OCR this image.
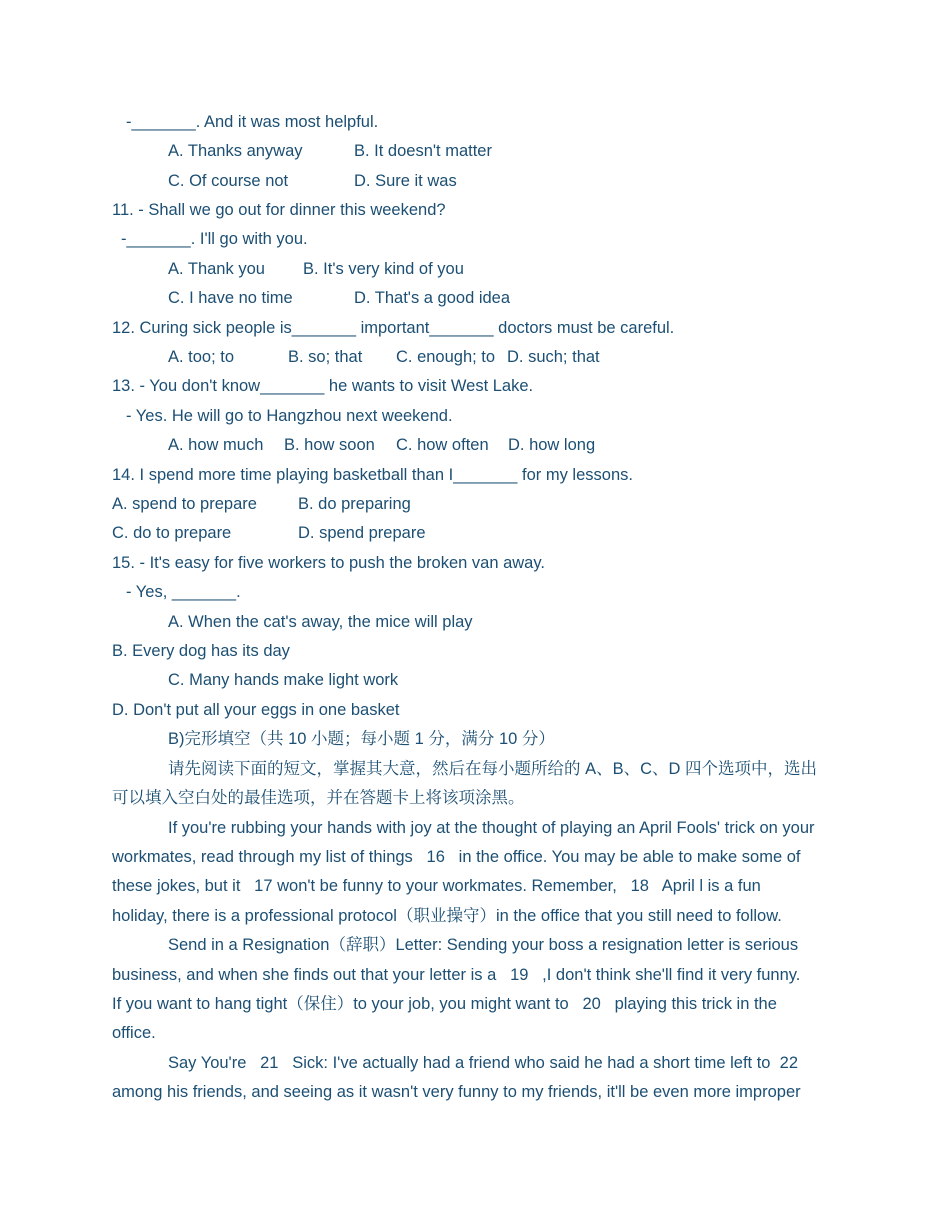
-_______. And it was most helpful.
A. Thanks anyway	B. It doesn't matter
C. Of course not	D. Sure it was
11. - Shall we go out for dinner this weekend?
-_______. I'll go with you.
A. Thank you B. It's very kind of you
C. I have no time	D. That's a good idea
12. Curing sick people is_______ important_______ doctors must be careful.
A. too; to	B. so; that C. enough; to D. such; that
13. - You don't know_______ he wants to visit West Lake.
- Yes. He will go to Hangzhou next weekend.
A. how much B. how soon C. how often D. how long
14. I spend more time playing basketball than I_______ for my lessons.
A. spend to prepare B. do preparing
C. do to prepare	D. spend prepare
15. - It's easy for five workers to push the broken van away.
- Yes, _______.
A. When the cat's away, the mice will play
B. Every dog has its day
C. Many hands make light work
D. Don't put all your eggs in one basket
B)完形填空（共 10 小题；每小题 1 分，满分 10 分）
请先阅读下面的短文，掌握其大意，然后在每小题所给的 A、B、C、D 四个选项中，选出
可以填入空白处的最佳选项，并在答题卡上将该项涂黑。
If you're rubbing your hands with joy at the thought of playing an April Fools' trick on your
workmates, read through my list of things   16   in the office. You may be able to make some of
these jokes, but it   17 won't be funny to your workmates. Remember,   18   April l is a fun
holiday, there is a professional protocol（职业操守）in the office that you still need to follow.
Send in a Resignation（辞职）Letter: Sending your boss a resignation letter is serious
business, and when she finds out that your letter is a   19   ,I don't think she'll find it very funny.
If you want to hang tight（保住）to your job, you might want to   20   playing this trick in the
office.
Say You're   21   Sick: I've actually had a friend who said he had a short time left to  22
among his friends, and seeing as it wasn't very funny to my friends, it'll be even more improper
